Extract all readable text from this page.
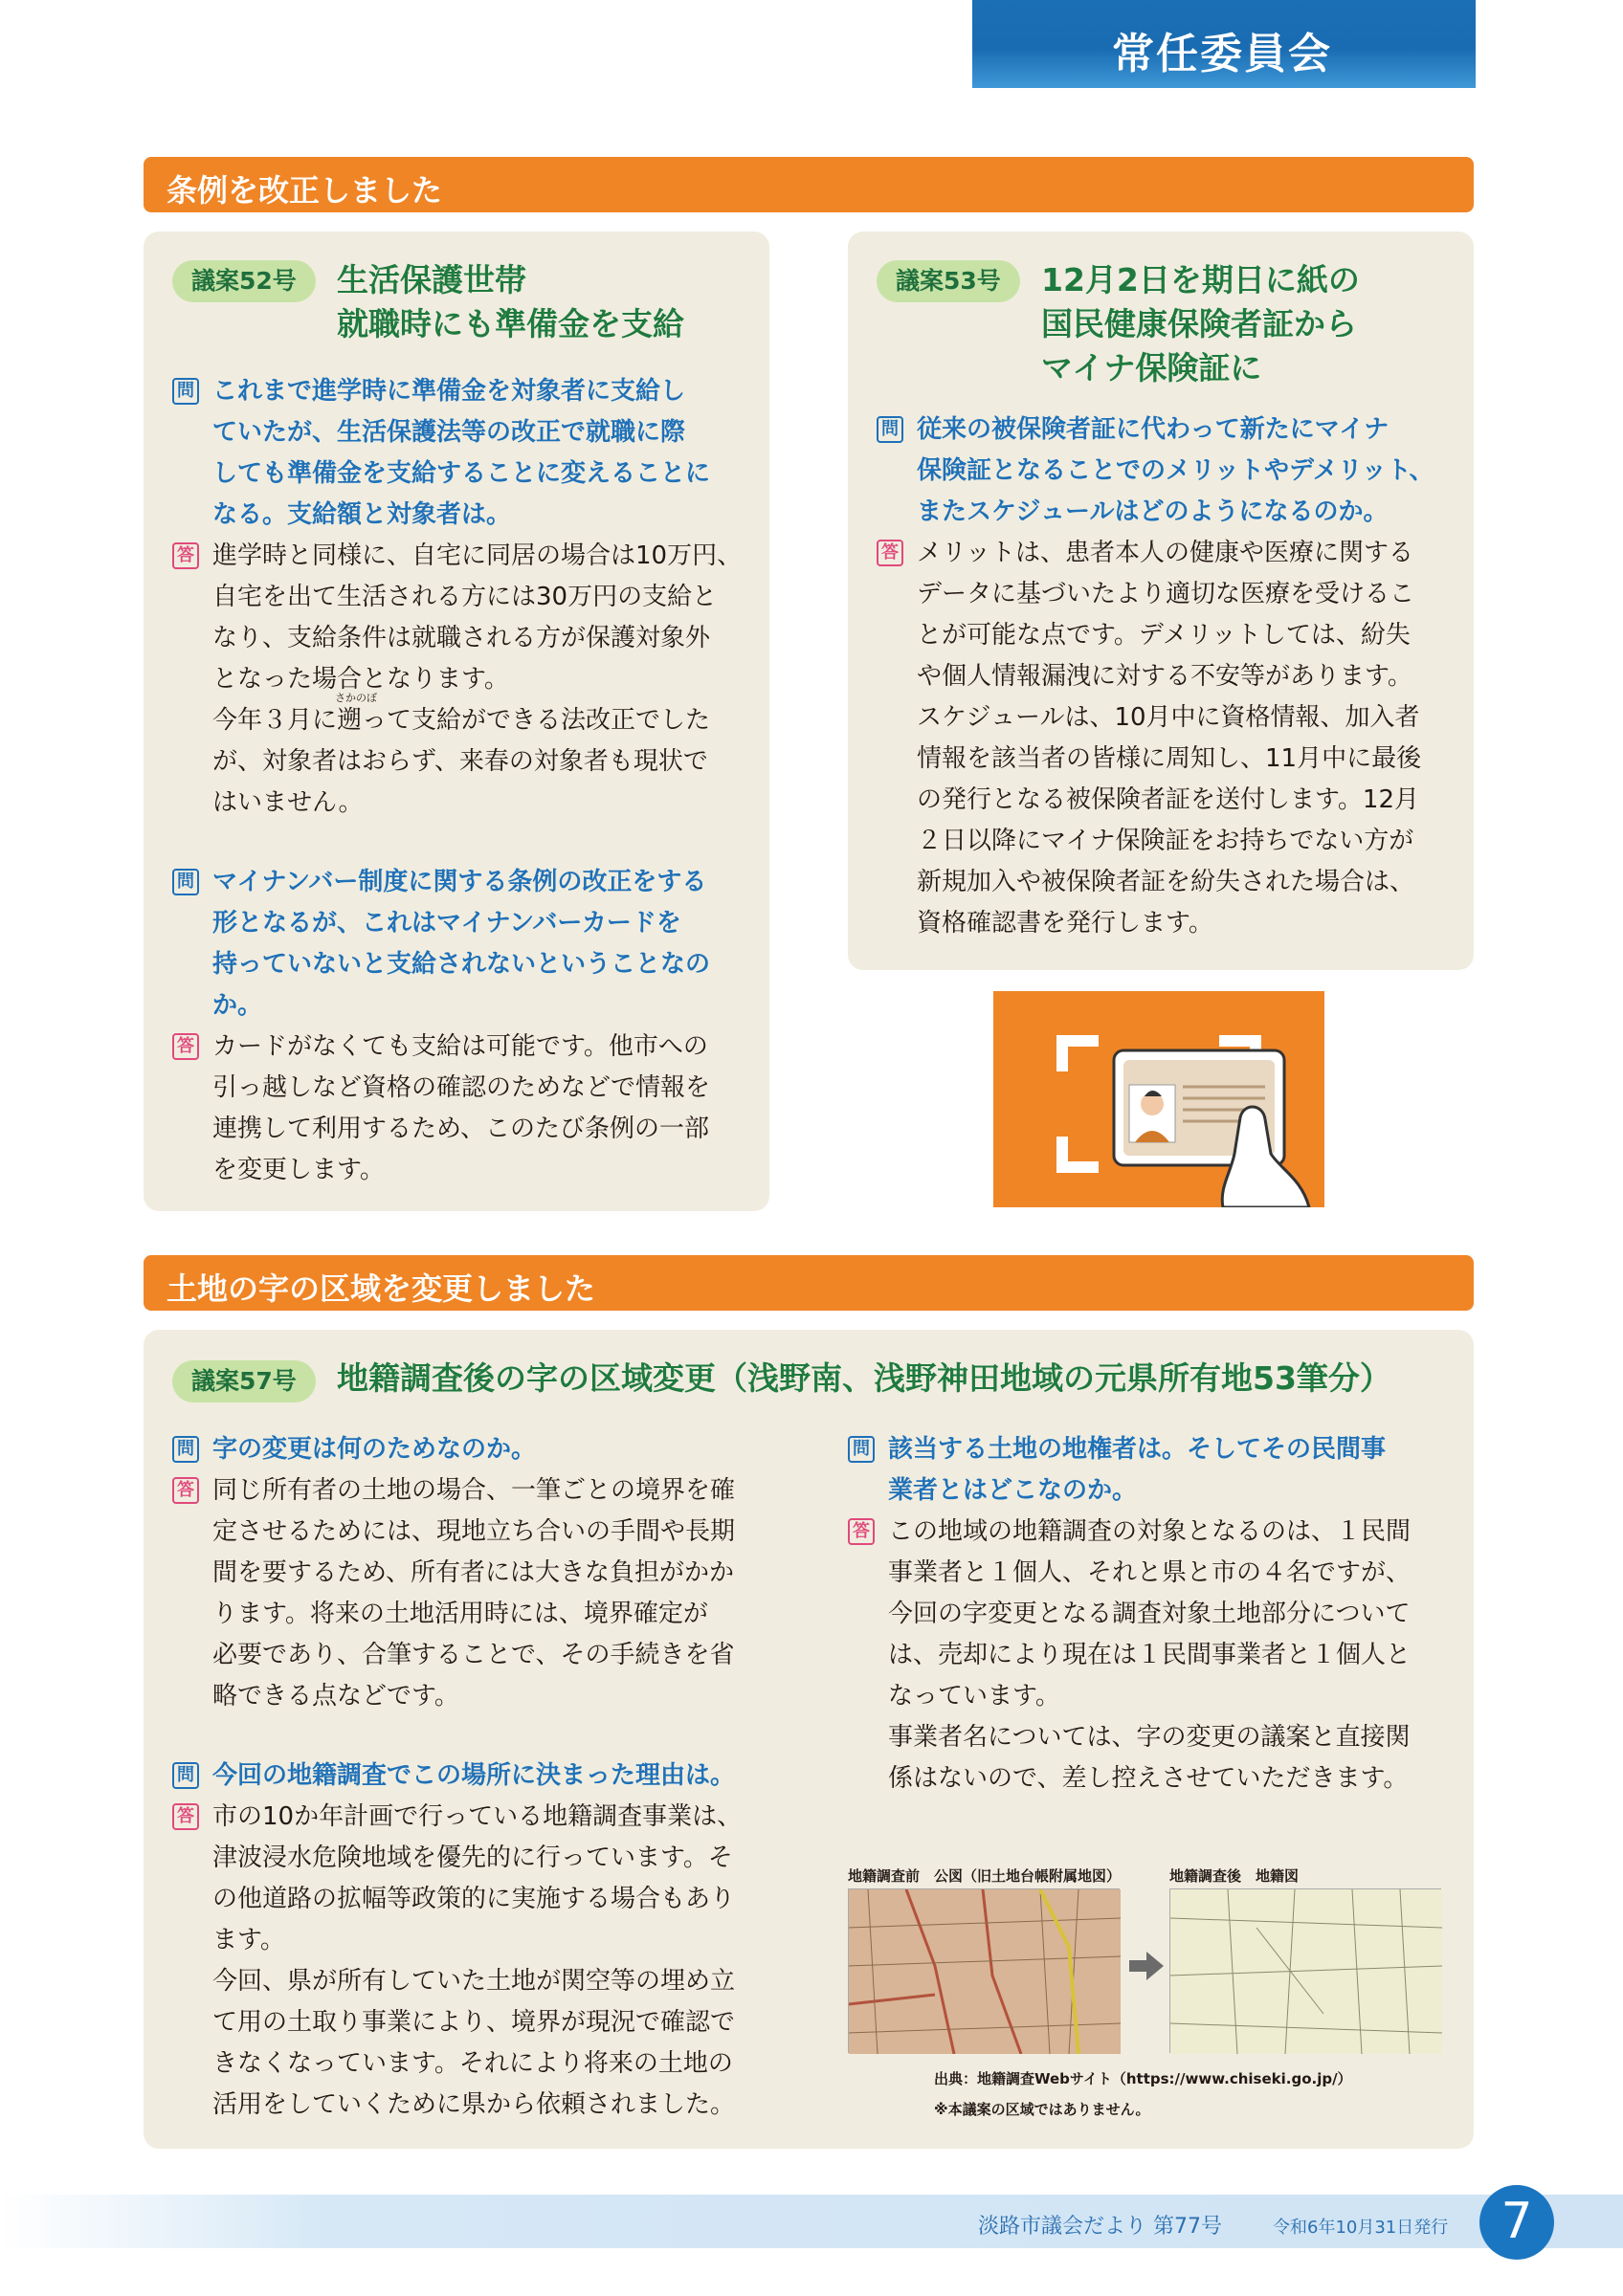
常任委員会
条例を改正しました
議案52号	生活保護世帯
就職時にも準備金を支給
問 これまで進学時に準備金を対象者に支給し
ていたが、生活保護法等の改正で就職に際
しても準備金を支給することに変えることに
なる。支給額と対象者は。
答 進学時と同様に、自宅に同居の場合は10万円、
自宅を出て生活される方には30万円の支給と
なり、支給条件は就職される方が保護対象外
となった場合となります。
さかのぼ
今年３月に遡って支給ができる法改正でした
が、対象者はおらず、来春の対象者も現状で
はいません。
問 マイナンバー制度に関する条例の改正をする
形となるが、これはマイナンバーカードを
持っていないと支給されないということなの
か。
答 カードがなくても支給は可能です。他市への
引っ越しなど資格の確認のためなどで情報を
連携して利用するため、このたび条例の一部
を変更します。
議案53号	12月2日を期日に紙の
国民健康保険者証から
マイナ保険証に
問 従来の被保険者証に代わって新たにマイナ
保険証となることでのメリットやデメリット、
またスケジュールはどのようになるのか。
答 メリットは、患者本人の健康や医療に関する
データに基づいたより適切な医療を受けるこ
とが可能な点です。デメリットしては、紛失
や個人情報漏洩に対する不安等があります。
スケジュールは、10月中に資格情報、加入者
情報を該当者の皆様に周知し、11月中に最後
の発行となる被保険者証を送付します。12月
２日以降にマイナ保険証をお持ちでない方が
新規加入や被保険者証を紛失された場合は、
資格確認書を発行します。
土地の字の区域を変更しました
議案57号	地籍調査後の字の区域変更（浅野南、浅野神田地域の元県所有地53筆分）
問 字の変更は何のためなのか。
答 同じ所有者の土地の場合、一筆ごとの境界を確
定させるためには、現地立ち合いの手間や長期
間を要するため、所有者には大きな負担がかか
ります。将来の土地活用時には、境界確定が
必要であり、合筆することで、その手続きを省
略できる点などです。
問 今回の地籍調査でこの場所に決まった理由は。
答 市の10か年計画で行っている地籍調査事業は、
津波浸水危険地域を優先的に行っています。そ
の他道路の拡幅等政策的に実施する場合もあり
ます。
今回、県が所有していた土地が関空等の埋め立
て用の土取り事業により、境界が現況で確認で
きなくなっています。それにより将来の土地の
活用をしていくために県から依頼されました。
問 該当する土地の地権者は。そしてその民間事
業者とはどこなのか。
答 この地域の地籍調査の対象となるのは、１民間
事業者と１個人、それと県と市の４名ですが、
今回の字変更となる調査対象土地部分について
は、売却により現在は１民間事業者と１個人と
なっています。
事業者名については、字の変更の議案と直接関
係はないので、差し控えさせていただきます。
地籍調査前　公図（旧土地台帳附属地図）	地籍調査後　地籍図
出典：地籍調査Webサイト（https://www.chiseki.go.jp/）
※本議案の区域ではありません。
淡路市議会だより 第77号	令和6年10月31日発行	7
